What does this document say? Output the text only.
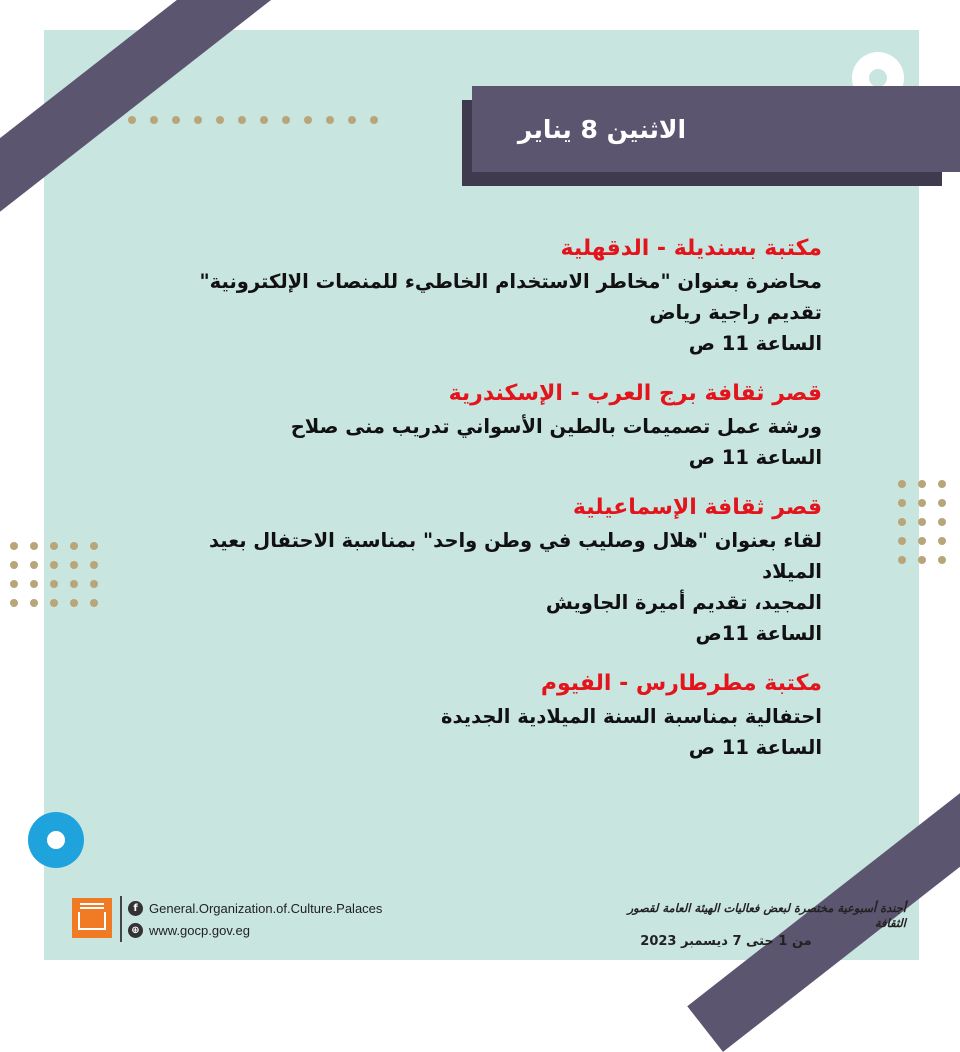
الاثنين 8 يناير
مكتبة بسنديلة - الدقهلية
محاضرة بعنوان "مخاطر الاستخدام الخاطيء للمنصات الإلكترونية"
تقديم راجية رياض
الساعة 11 ص
قصر ثقافة برج العرب - الإسكندرية
ورشة عمل تصميمات بالطين الأسواني تدريب منى صلاح
الساعة 11 ص
قصر ثقافة الإسماعيلية
لقاء بعنوان "هلال وصليب في وطن واحد" بمناسبة الاحتفال بعيد الميلاد
المجيد، تقديم أميرة الجاويش
الساعة 11ص
مكتبة مطرطارس - الفيوم
احتفالية بمناسبة السنة الميلادية الجديدة
الساعة 11 ص
f General.Organization.of.Culture.Palaces
⊕ www.gocp.gov.eg
أجندة أسبوعية مختصرة لبعض فعاليات الهيئة العامة لقصور الثقافة
من 1 حتى 7 ديسمبر 2023
